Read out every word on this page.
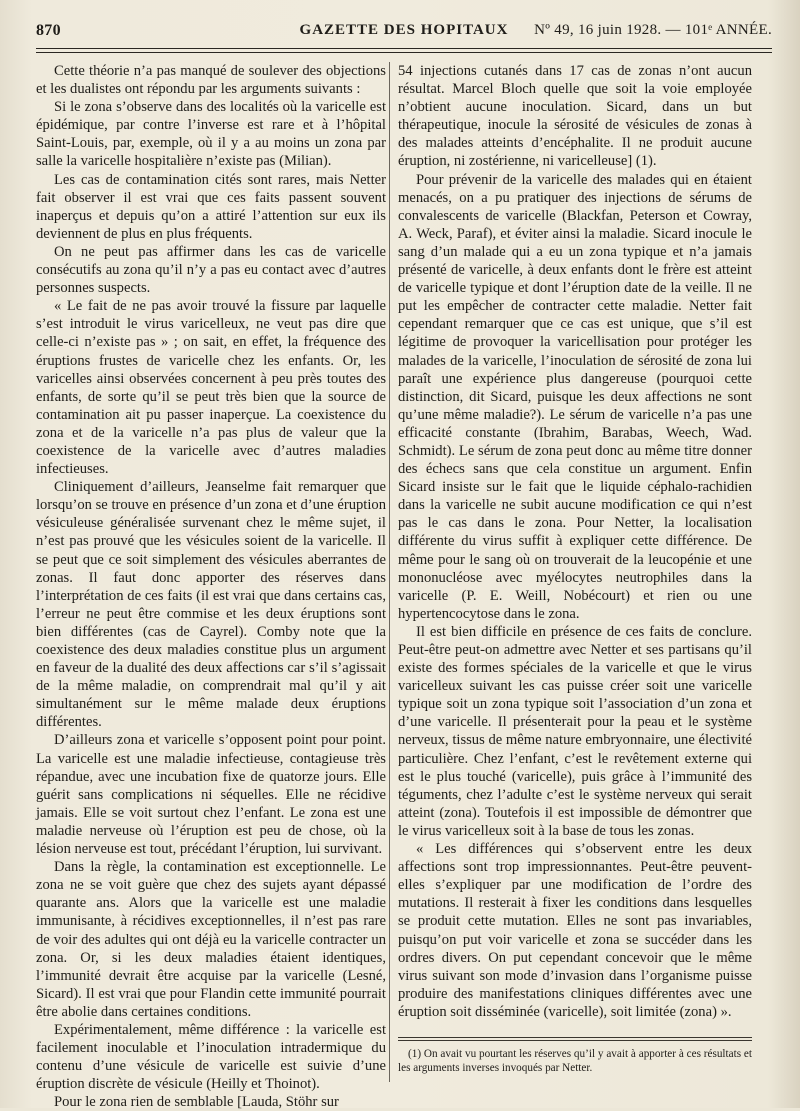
870	GAZETTE DES HOPITAUX	Nº 49, 16 juin 1928. — 101ᵉ ANNÉE.

Cette théorie n’a pas manqué de soulever des objections et les dualistes ont répondu par les arguments suivants :

Si le zona s’observe dans des localités où la varicelle est épidémique, par contre l’inverse est rare et à l’hôpital Saint-Louis, par, exemple, où il y a au moins un zona par salle la varicelle hospitalière n’existe pas (Milian).

Les cas de contamination cités sont rares, mais Netter fait observer il est vrai que ces faits passent souvent inaperçus et depuis qu’on a attiré l’attention sur eux ils deviennent de plus en plus fréquents.

On ne peut pas affirmer dans les cas de varicelle consécutifs au zona qu’il n’y a pas eu contact avec d’autres personnes suspects.

« Le fait de ne pas avoir trouvé la fissure par laquelle s’est introduit le virus varicelleux, ne veut pas dire que celle-ci n’existe pas » ; on sait, en effet, la fréquence des éruptions frustes de varicelle chez les enfants. Or, les varicelles ainsi observées concernent à peu près toutes des enfants, de sorte qu’il se peut très bien que la source de contamination ait pu passer inaperçue. La coexistence du zona et de la varicelle n’a pas plus de valeur que la coexistence de la varicelle avec d’autres maladies infectieuses.

Cliniquement d’ailleurs, Jeanselme fait remarquer que lorsqu’on se trouve en présence d’un zona et d’une éruption vésiculeuse généralisée survenant chez le même sujet, il n’est pas prouvé que les vésicules soient de la varicelle. Il se peut que ce soit simplement des vésicules aberrantes de zonas. Il faut donc apporter des réserves dans l’interprétation de ces faits (il est vrai que dans certains cas, l’erreur ne peut être commise et les deux éruptions sont bien différentes (cas de Cayrel). Comby note que la coexistence des deux maladies constitue plus un argument en faveur de la dualité des deux affections car s’il s’agissait de la même maladie, on comprendrait mal qu’il y ait simultanément sur le même malade deux éruptions différentes.

D’ailleurs zona et varicelle s’opposent point pour point. La varicelle est une maladie infectieuse, contagieuse très répandue, avec une incubation fixe de quatorze jours. Elle guérit sans complications ni séquelles. Elle ne récidive jamais. Elle se voit surtout chez l’enfant. Le zona est une maladie nerveuse où l’éruption est peu de chose, où la lésion nerveuse est tout, précédant l’éruption, lui survivant.

Dans la règle, la contamination est exceptionnelle. Le zona ne se voit guère que chez des sujets ayant dépassé quarante ans. Alors que la varicelle est une maladie immunisante, à récidives exceptionnelles, il n’est pas rare de voir des adultes qui ont déjà eu la varicelle contracter un zona. Or, si les deux maladies étaient identiques, l’immunité devrait être acquise par la varicelle (Lesné, Sicard). Il est vrai que pour Flandin cette immunité pourrait être abolie dans certaines conditions.

Expérimentalement, même différence : la varicelle est facilement inoculable et l’inoculation intradermique du contenu d’une vésicule de varicelle est suivie d’une éruption discrète de vésicule (Heilly et Thoinot).

Pour le zona rien de semblable [Lauda, Stöhr sur

54 injections cutanés dans 17 cas de zonas n’ont aucun résultat. Marcel Bloch quelle que soit la voie employée n’obtient aucune inoculation. Sicard, dans un but thérapeutique, inocule la sérosité de vésicules de zonas à des malades atteints d’encéphalite. Il ne produit aucune éruption, ni zostérienne, ni varicelleuse] (1).

Pour prévenir de la varicelle des malades qui en étaient menacés, on a pu pratiquer des injections de sérums de convalescents de varicelle (Blackfan, Peterson et Cowray, A. Weck, Paraf), et éviter ainsi la maladie. Sicard inocule le sang d’un malade qui a eu un zona typique et n’a jamais présenté de varicelle, à deux enfants dont le frère est atteint de varicelle typique et dont l’éruption date de la veille. Il ne put les empêcher de contracter cette maladie. Netter fait cependant remarquer que ce cas est unique, que s’il est légitime de provoquer la varicellisation pour protéger les malades de la varicelle, l’inoculation de sérosité de zona lui paraît une expérience plus dangereuse (pourquoi cette distinction, dit Sicard, puisque les deux affections ne sont qu’une même maladie?). Le sérum de varicelle n’a pas une efficacité constante (Ibrahim, Barabas, Weech, Wad. Schmidt). Le sérum de zona peut donc au même titre donner des échecs sans que cela constitue un argument. Enfin Sicard insiste sur le fait que le liquide céphalo-rachidien dans la varicelle ne subit aucune modification ce qui n’est pas le cas dans le zona. Pour Netter, la localisation différente du virus suffit à expliquer cette différence. De même pour le sang où on trouverait de la leucopénie et une mononucléose avec myélocytes neutrophiles dans la varicelle (P. E. Weill, Nobécourt) et rien ou une hypertencocytose dans le zona.

Il est bien difficile en présence de ces faits de conclure. Peut-être peut-on admettre avec Netter et ses partisans qu’il existe des formes spéciales de la varicelle et que le virus varicelleux suivant les cas puisse créer soit une varicelle typique soit un zona typique soit l’association d’un zona et d’une varicelle. Il présenterait pour la peau et le système nerveux, tissus de même nature embryonnaire, une électivité particulière. Chez l’enfant, c’est le revêtement externe qui est le plus touché (varicelle), puis grâce à l’immunité des téguments, chez l’adulte c’est le système nerveux qui serait atteint (zona). Toutefois il est impossible de démontrer que le virus varicelleux soit à la base de tous les zonas.

« Les différences qui s’observent entre les deux affections sont trop impressionnantes. Peut-être peuvent-elles s’expliquer par une modification de l’ordre des mutations. Il resterait à fixer les conditions dans lesquelles se produit cette mutation. Elles ne sont pas invariables, puisqu’on put voir varicelle et zona se succéder dans les ordres divers. On put cependant concevoir que le même virus suivant son mode d’invasion dans l’organisme puisse produire des manifestations cliniques différentes avec une éruption soit disséminée (varicelle), soit limitée (zona) ».

(1) On avait vu pourtant les réserves qu’il y avait à apporter à ces résultats et les arguments inverses invoqués par Netter.
